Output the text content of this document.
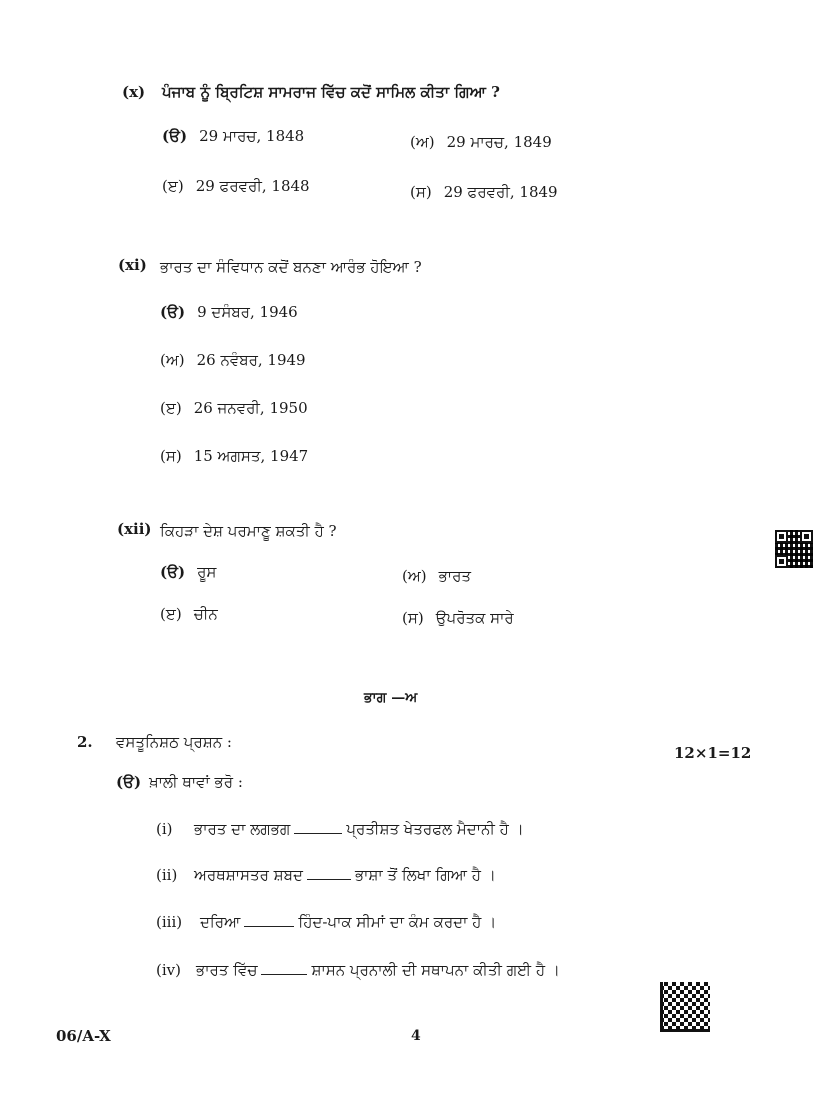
(x) ਪੰਜਾਬ ਨੂੰ ਬ੍ਰਿਟਿਸ਼ ਸਾਮਰਾਜ ਵਿੱਚ ਕਦੋਂ ਸਾਮਿਲ ਕੀਤਾ ਗਿਆ ?
(ੳ) 29 ਮਾਰਚ, 1848	(ਅ) 29 ਮਾਰਚ, 1849
(ੲ) 29 ਫਰਵਰੀ, 1848	(ਸ) 29 ਫਰਵਰੀ, 1849
(xi) ਭਾਰਤ ਦਾ ਸੰਵਿਧਾਨ ਕਦੋਂ ਬਨਣਾ ਆਰੰਭ ਹੋਇਆ ?
(ੳ) 9 ਦਸੰਬਰ, 1946
(ਅ) 26 ਨਵੰਬਰ, 1949
(ੲ) 26 ਜਨਵਰੀ, 1950
(ਸ) 15 ਅਗਸਤ, 1947
(xii) ਕਿਹੜਾ ਦੇਸ਼ ਪਰਮਾਣੂ ਸ਼ਕਤੀ ਹੈ ?
(ੳ) ਰੂਸ	(ਅ) ਭਾਰਤ
(ੲ) ਚੀਨ	(ਸ) ਉਪਰੋਤਕ ਸਾਰੇ
ਭਾਗ —ਅ
2. ਵਸਤੂਨਿਸ਼ਠ ਪ੍ਰਸ਼ਨ :
12×1=12
(ੳ) ਖ਼ਾਲੀ ਥਾਵਾਂ ਭਰੋ :
(i) ਭਾਰਤ ਦਾ ਲਗਭਗ	ਪ੍ਰਤੀਸ਼ਤ ਖੇਤਰਫਲ ਮੈਦਾਨੀ ਹੈ ।
(ii) ਅਰਥਸ਼ਾਸਤਰ ਸ਼ਬਦ	ਭਾਸ਼ਾ ਤੋਂ ਲਿਖਾ ਗਿਆ ਹੈ ।
(iii) ਦਰਿਆ	ਹਿੰਦ-ਪਾਕ ਸੀਮਾਂ ਦਾ ਕੰਮ ਕਰਦਾ ਹੈ ।
(iv) ਭਾਰਤ ਵਿੱਚ	ਸ਼ਾਸਨ ਪ੍ਰਨਾਲੀ ਦੀ ਸਥਾਪਨਾ ਕੀਤੀ ਗਈ ਹੈ ।
06/A-X	4
